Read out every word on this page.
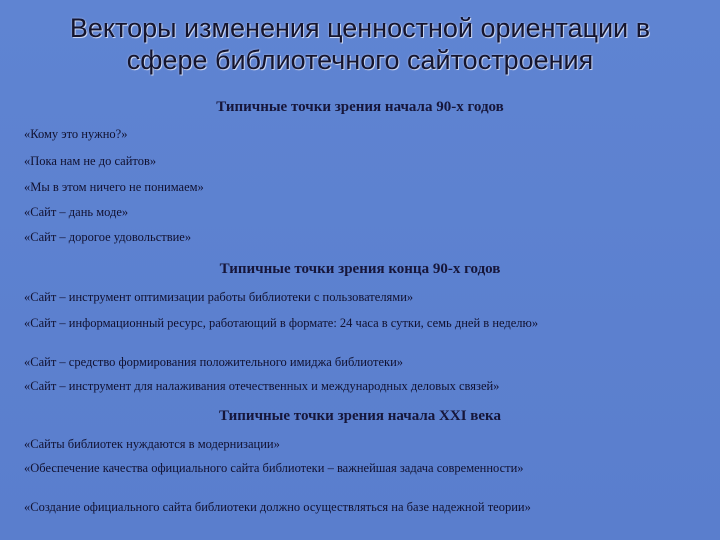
Векторы изменения ценностной ориентации в
сфере библиотечного сайтостроения
Типичные точки зрения начала 90-х годов

«Кому это нужно?»

«Пока нам не до сайтов»

«Мы в этом ничего не понимаем»

«Сайт – дань моде»

«Сайт – дорогое удовольствие»

Типичные точки зрения конца 90-х годов

«Сайт – инструмент оптимизации работы библиотеки с пользователями»

«Сайт – информационный ресурс, работающий в формате: 24 часа в сутки, семь дней в неделю»

«Сайт – средство формирования положительного имиджа библиотеки»

«Сайт – инструмент для налаживания отечественных и международных деловых связей»

Типичные точки зрения начала XXI века

«Сайты библиотек нуждаются в модернизации»

«Обеспечение качества официального сайта библиотеки – важнейшая задача современности»

«Создание официального сайта библиотеки должно осуществляться на базе надежной теории»
